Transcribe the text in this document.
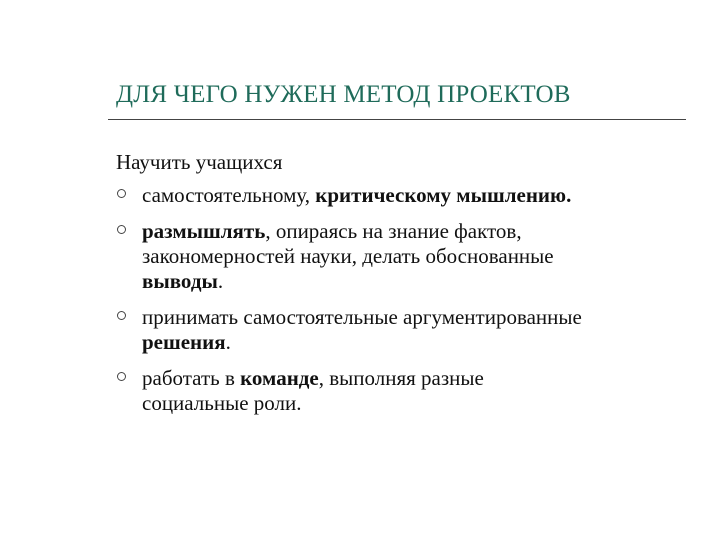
ДЛЯ ЧЕГО НУЖЕН МЕТОД ПРОЕКТОВ
Научить учащихся
самостоятельному, критическому мышлению.
размышлять, опираясь на знание фактов,
закономерностей науки, делать обоснованные
выводы.
принимать самостоятельные аргументированные
решения.
работать в команде, выполняя разные
социальные роли.
